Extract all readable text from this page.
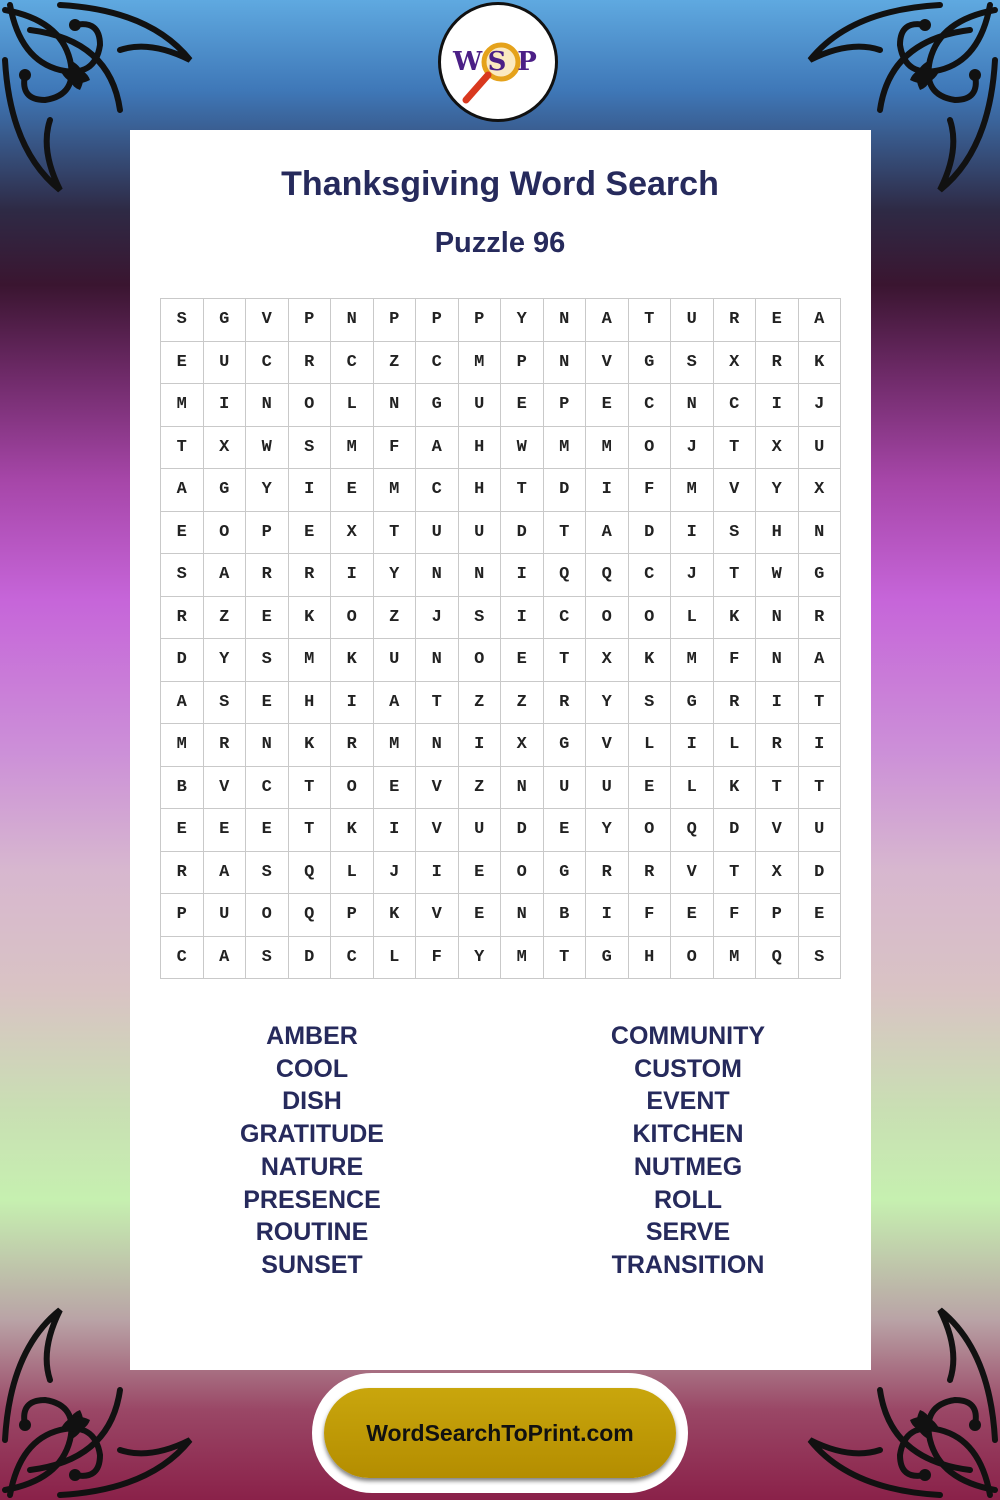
W S P
Thanksgiving Word Search
Puzzle 96
S	G	V	P	N	P	P	P	Y	N	A	T	U	R	E	A
E	U	C	R	C	Z	C	M	P	N	V	G	S	X	R	K
M	I	N	O	L	N	G	U	E	P	E	C	N	C	I	J
T	X	W	S	M	F	A	H	W	M	M	O	J	T	X	U
A	G	Y	I	E	M	C	H	T	D	I	F	M	V	Y	X
E	O	P	E	X	T	U	U	D	T	A	D	I	S	H	N
S	A	R	R	I	Y	N	N	I	Q	Q	C	J	T	W	G
R	Z	E	K	O	Z	J	S	I	C	O	O	L	K	N	R
D	Y	S	M	K	U	N	O	E	T	X	K	M	F	N	A
A	S	E	H	I	A	T	Z	Z	R	Y	S	G	R	I	T
M	R	N	K	R	M	N	I	X	G	V	L	I	L	R	I
B	V	C	T	O	E	V	Z	N	U	U	E	L	K	T	T
E	E	E	T	K	I	V	U	D	E	Y	O	Q	D	V	U
R	A	S	Q	L	J	I	E	O	G	R	R	V	T	X	D
P	U	O	Q	P	K	V	E	N	B	I	F	E	F	P	E
C	A	S	D	C	L	F	Y	M	T	G	H	O	M	Q	S
AMBER
COOL
DISH
GRATITUDE
NATURE
PRESENCE
ROUTINE
SUNSET
COMMUNITY
CUSTOM
EVENT
KITCHEN
NUTMEG
ROLL
SERVE
TRANSITION
WordSearchToPrint.com
